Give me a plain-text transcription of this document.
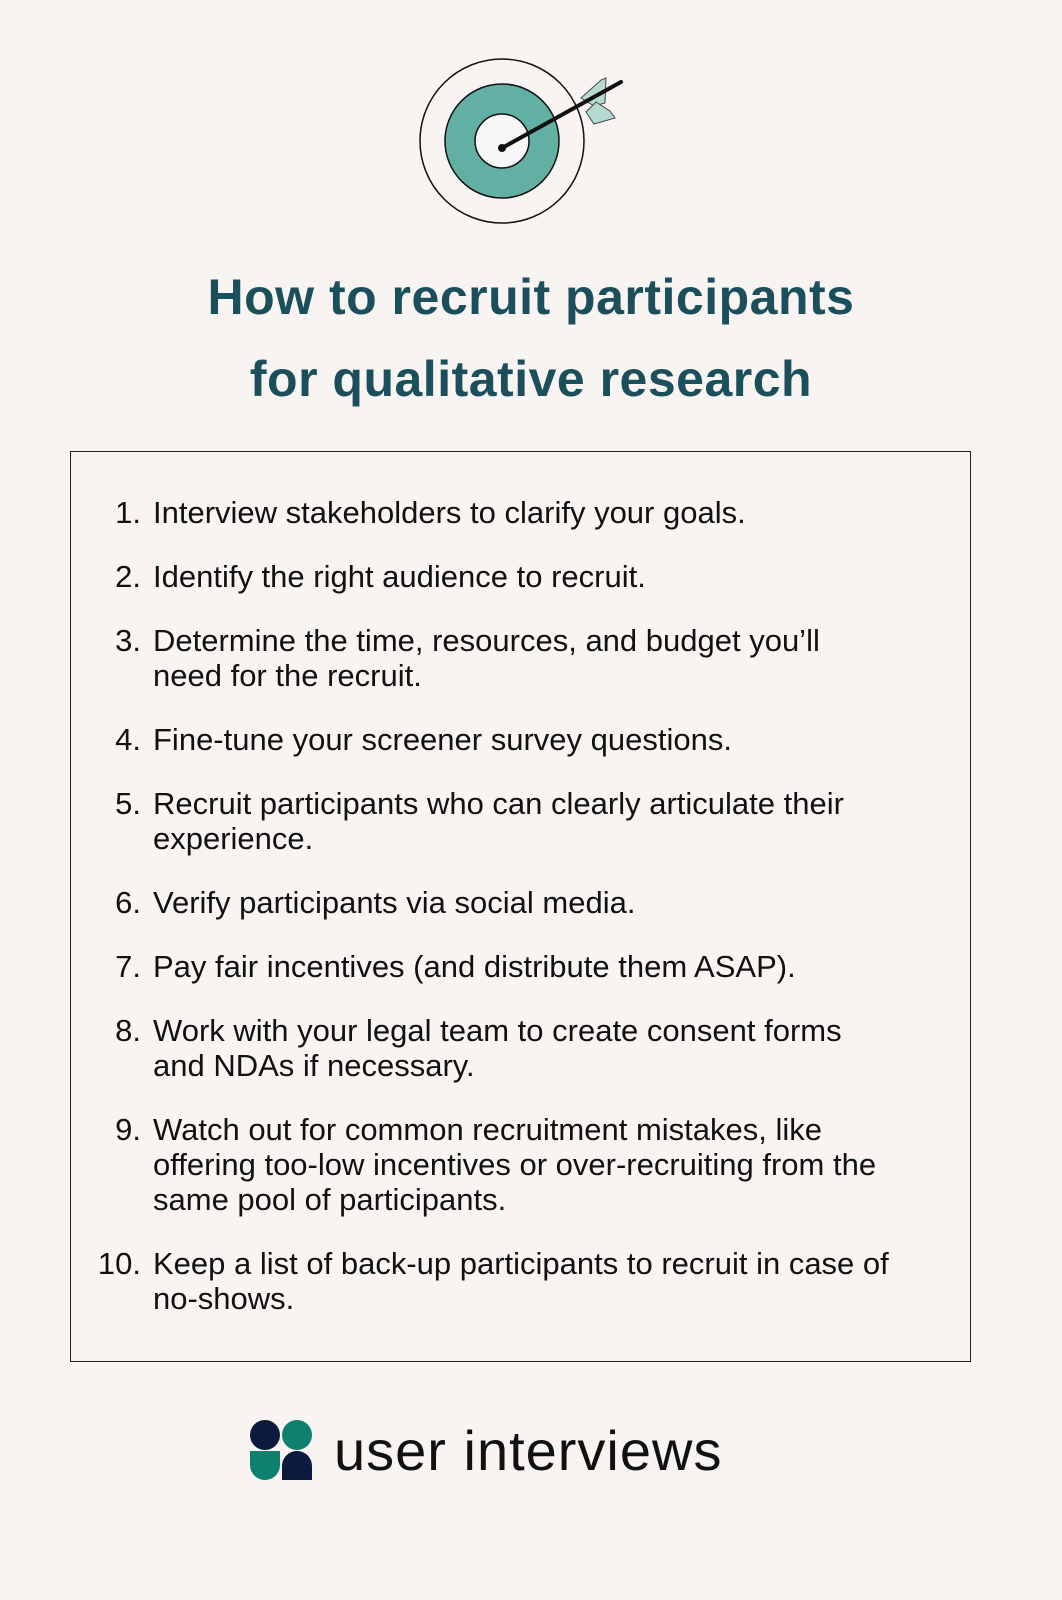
How to recruit participants
for qualitative research
1. Interview stakeholders to clarify your goals.
2. Identify the right audience to recruit.
3. Determine the time, resources, and budget you’ll need for the recruit.
4. Fine-tune your screener survey questions.
5. Recruit participants who can clearly articulate their experience.
6. Verify participants via social media.
7. Pay fair incentives (and distribute them ASAP).
8. Work with your legal team to create consent forms and NDAs if necessary.
9. Watch out for common recruitment mistakes, like offering too-low incentives or over-recruiting from the same pool of participants.
10. Keep a list of back-up participants to recruit in case of no-shows.
user interviews
